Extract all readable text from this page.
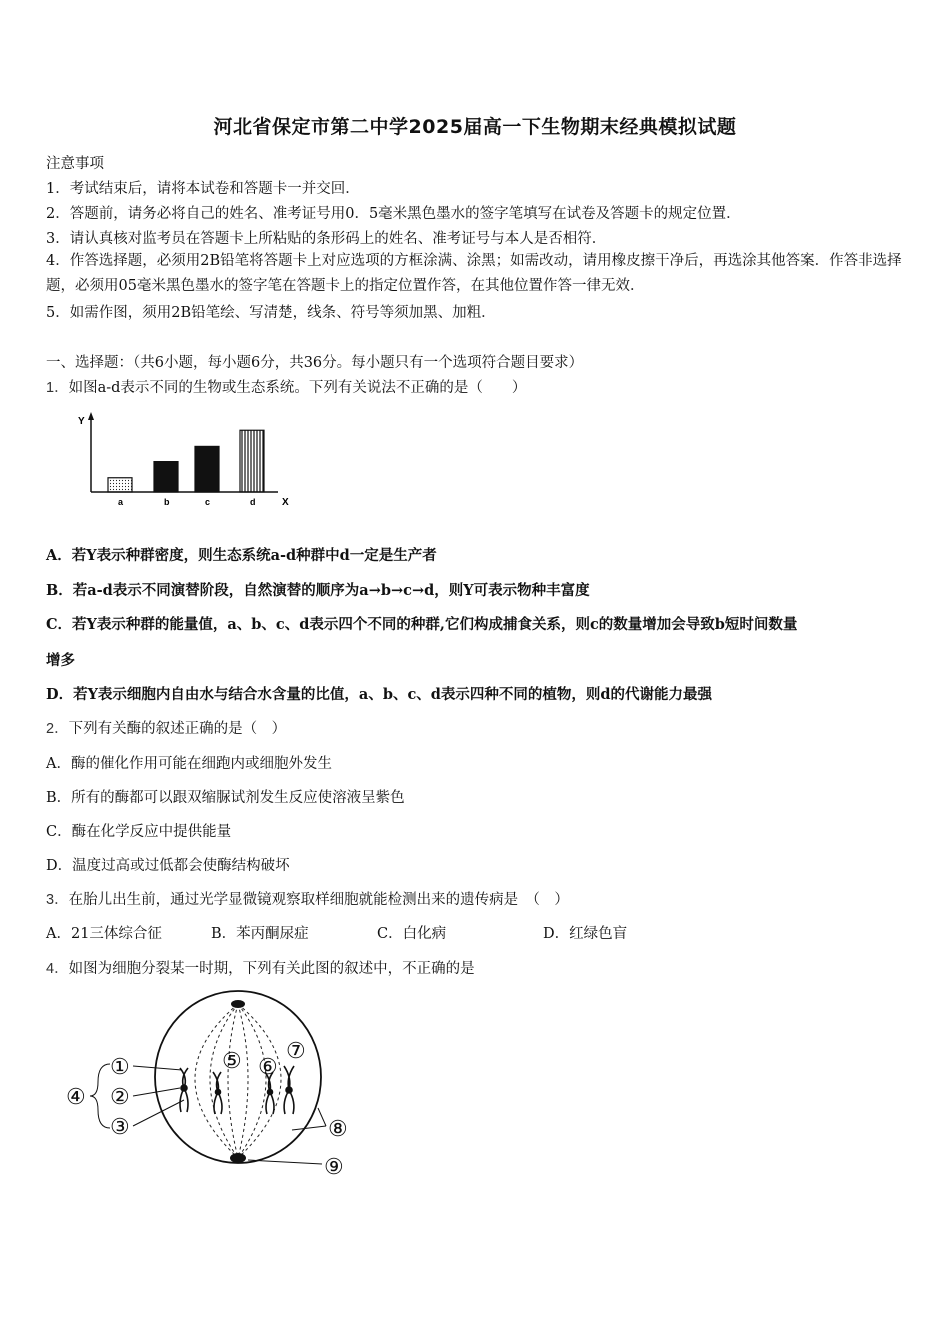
河北省保定市第二中学2025届高一下生物期末经典模拟试题
注意事项
1．考试结束后，请将本试卷和答题卡一并交回．
2．答题前，请务必将自己的姓名、准考证号用0．5毫米黑色墨水的签字笔填写在试卷及答题卡的规定位置．
3．请认真核对监考员在答题卡上所粘贴的条形码上的姓名、准考证号与本人是否相符．
4．作答选择题，必须用2B铅笔将答题卡上对应选项的方框涂满、涂黑；如需改动，请用橡皮擦干净后，再选涂其他答案．作答非选择题，必须用05毫米黑色墨水的签字笔在答题卡上的指定位置作答，在其他位置作答一律无效．
5．如需作图，须用2B铅笔绘、写清楚，线条、符号等须加黑、加粗．
一、选择题：（共6小题，每小题6分，共36分。每小题只有一个选项符合题目要求）
1．如图a-d表示不同的生物或生态系统。下列有关说法不正确的是（　　）
Y
X
a	b	c	d
A．若Y表示种群密度，则生态系统a-d种群中d一定是生产者
B．若a-d表示不同演替阶段，自然演替的顺序为a→b→c→d，则Y可表示物种丰富度
C．若Y表示种群的能量值，a、b、c、d表示四个不同的种群,它们构成捕食关系，则c的数量增加会导致b短时间数量
增多
D．若Y表示细胞内自由水与结合水含量的比值，a、b、c、d表示四种不同的植物，则d的代谢能力最强
2．下列有关酶的叙述正确的是（　）
A．酶的催化作用可能在细跑内或细胞外发生
B．所有的酶都可以跟双缩脲试剂发生反应使溶液呈紫色
C．酶在化学反应中提供能量
D．温度过高或过低都会使酶结构破坏
3．在胎儿出生前，通过光学显微镜观察取样细胞就能检测出来的遗传病是　（　）
A．21三体综合征	B．苯丙酮尿症	C．白化病	D．红绿色盲
4．如图为细胞分裂某一时期，下列有关此图的叙述中，不正确的是
①
②
③
④
⑤ ⑥
⑦
⑧
⑨
